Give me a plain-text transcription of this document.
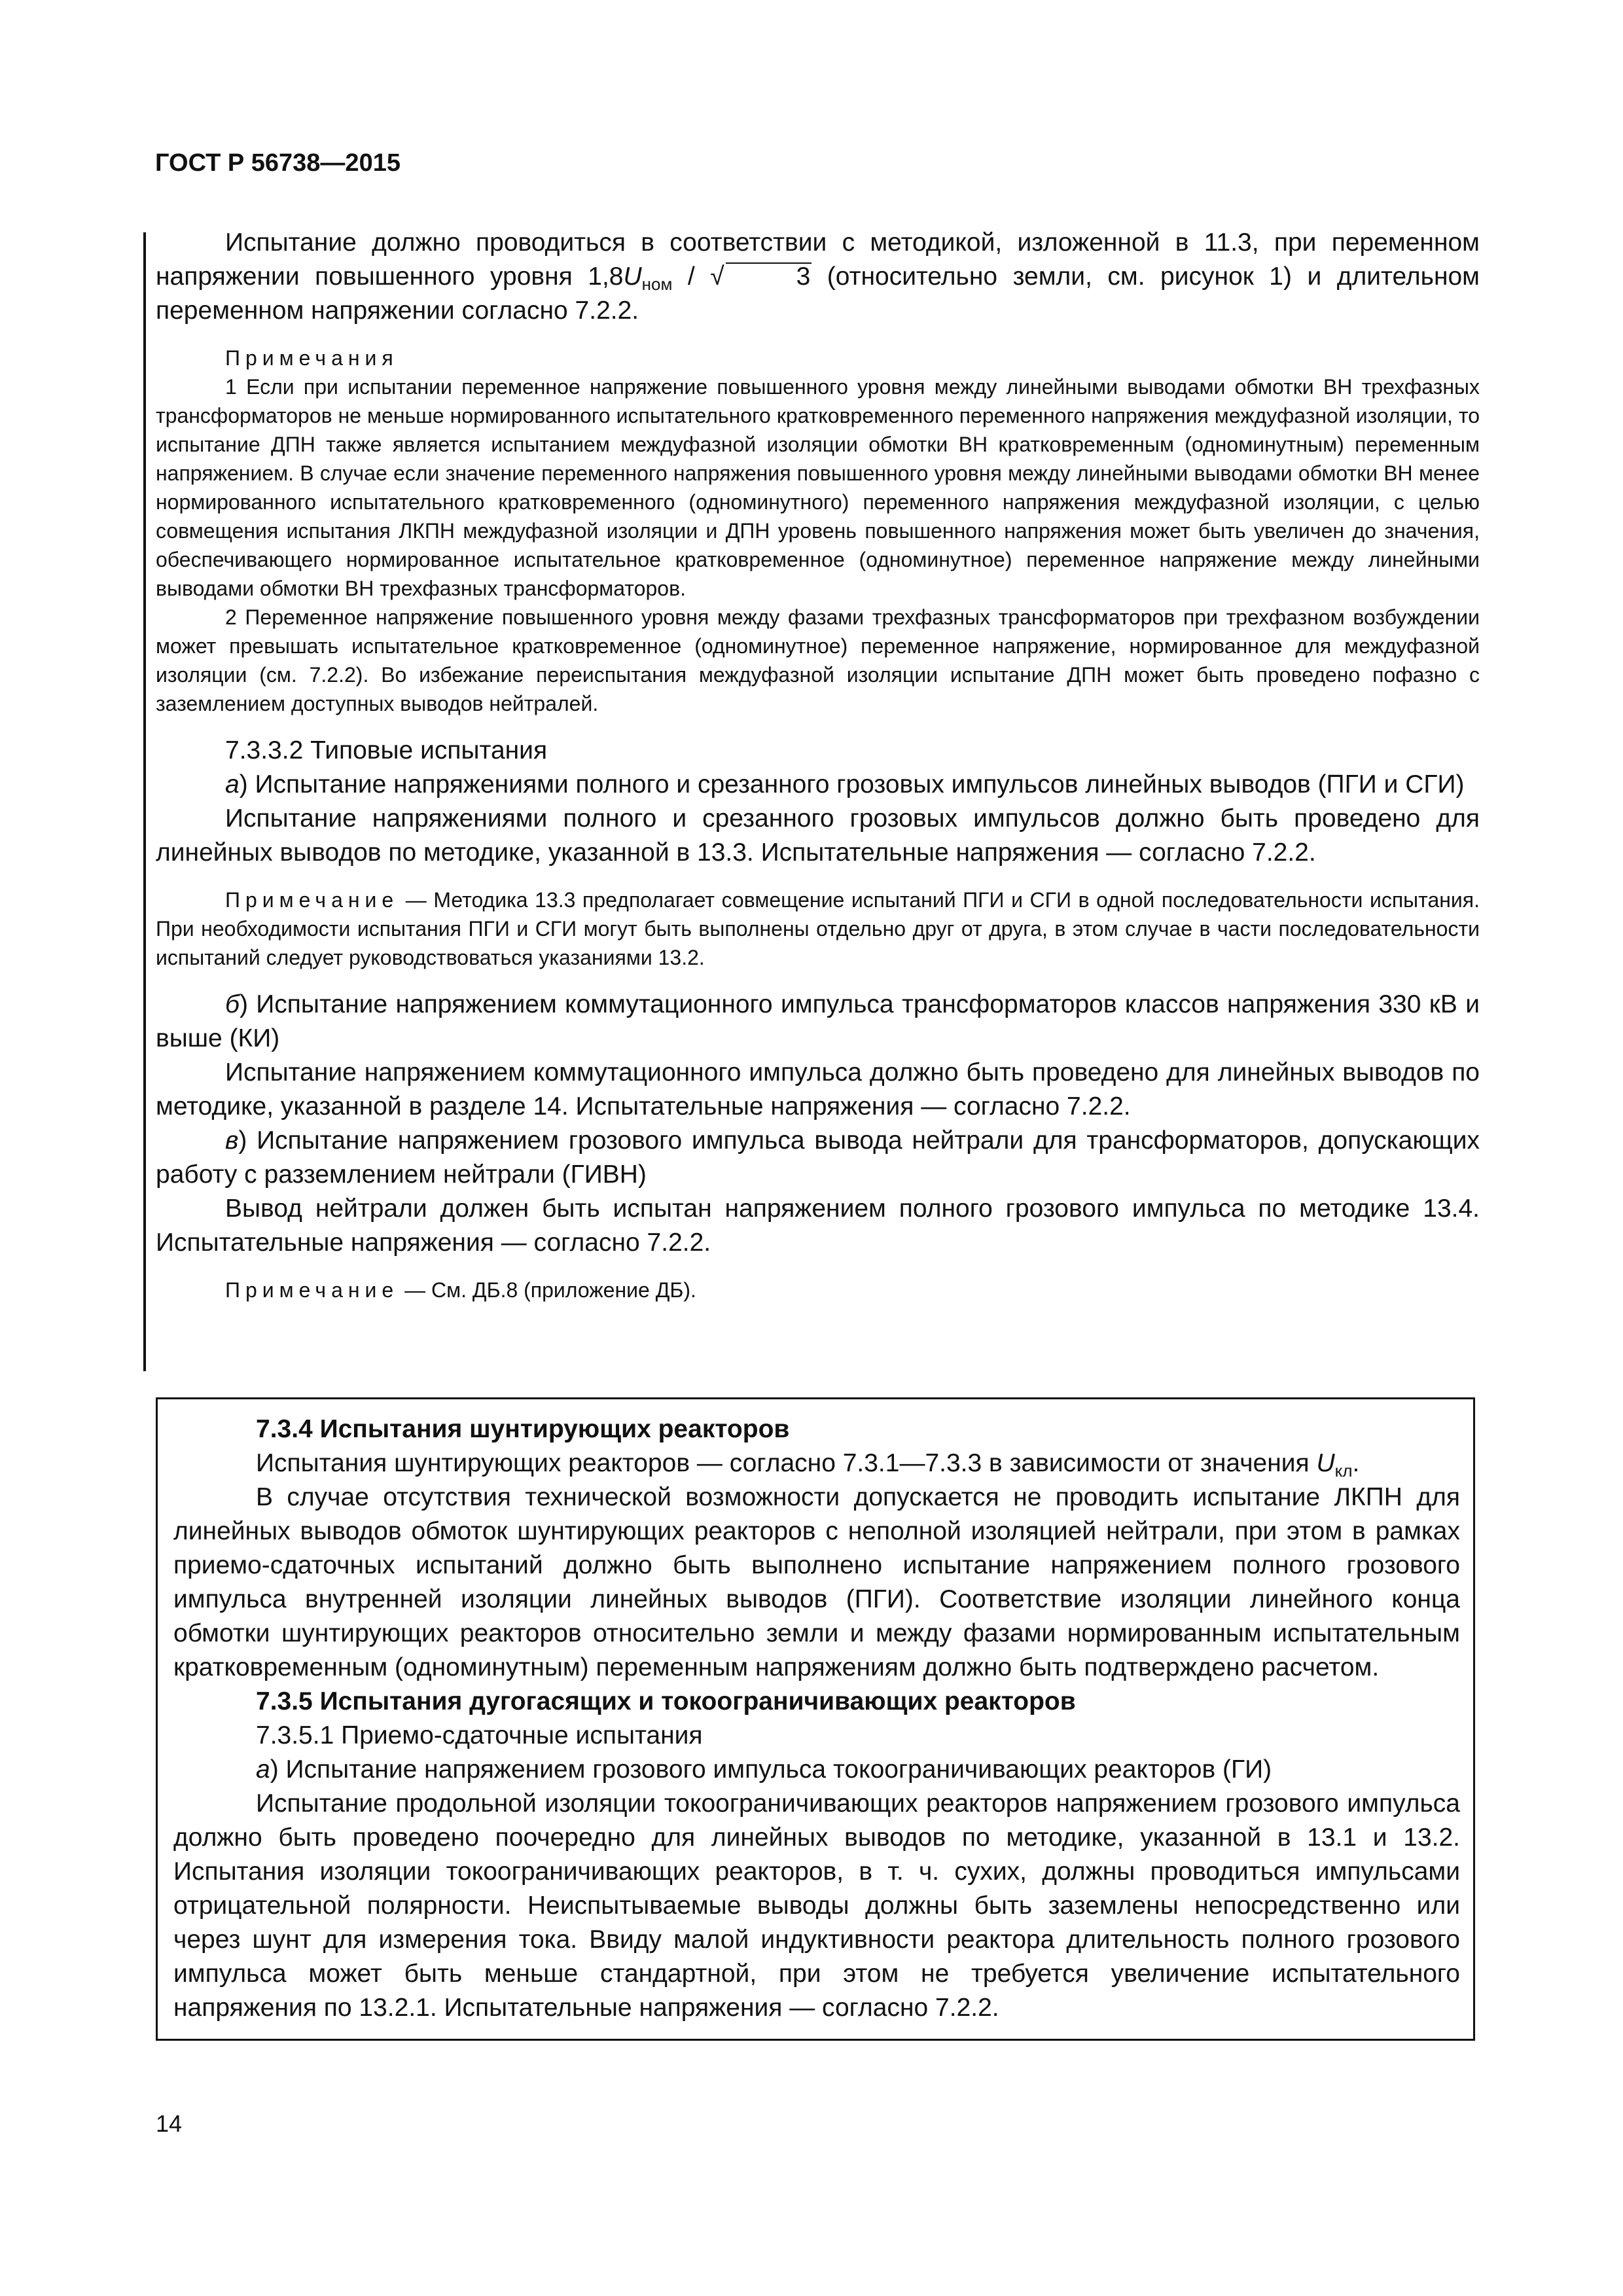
ГОСТ Р 56738—2015

Испытание должно проводиться в соответствии с методикой, изложенной в 11.3, при переменном напряжении повышенного уровня $1,8U_{ном}$ / √	3 (относительно земли, см. рисунок 1) и длительном переменном напряжении согласно 7.2.2.

Примечания

1 Если при испытании переменное напряжение повышенного уровня между линейными выводами обмотки ВН трехфазных трансформаторов не меньше нормированного испытательного кратковременного переменного напряжения междуфазной изоляции, то испытание ДПН также является испытанием междуфазной изоляции обмотки ВН кратковременным (одноминутным) переменным напряжением. В случае если значение переменного напряжения повышенного уровня между линейными выводами обмотки ВН менее нормированного испытательного кратковременного (одноминутного) переменного напряжения междуфазной изоляции, с целью совмещения испытания ЛКПН междуфазной изоляции и ДПН уровень повышенного напряжения может быть увеличен до значения, обеспечивающего нормированное испытательное кратковременное (одноминутное) переменное напряжение между линейными выводами обмотки ВН трехфазных трансформаторов.

2 Переменное напряжение повышенного уровня между фазами трехфазных трансформаторов при трехфазном возбуждении может превышать испытательное кратковременное (одноминутное) переменное напряжение, нормированное для междуфазной изоляции (см. 7.2.2). Во избежание переиспытания междуфазной изоляции испытание ДПН может быть проведено пофазно с заземлением доступных выводов нейтралей.

7.3.3.2 Типовые испытания

а) Испытание напряжениями полного и срезанного грозовых импульсов линейных выводов (ПГИ и СГИ)

Испытание напряжениями полного и срезанного грозовых импульсов должно быть проведено для линейных выводов по методике, указанной в 13.3. Испытательные напряжения — согласно 7.2.2.

Примечание — Методика 13.3 предполагает совмещение испытаний ПГИ и СГИ в одной последовательности испытания. При необходимости испытания ПГИ и СГИ могут быть выполнены отдельно друг от друга, в этом случае в части последовательности испытаний следует руководствоваться указаниями 13.2.

б) Испытание напряжением коммутационного импульса трансформаторов классов напряжения 330 кВ и выше (КИ)

Испытание напряжением коммутационного импульса должно быть проведено для линейных выводов по методике, указанной в разделе 14. Испытательные напряжения — согласно 7.2.2.

в) Испытание напряжением грозового импульса вывода нейтрали для трансформаторов, допускающих работу с разземлением нейтрали (ГИВН)

Вывод нейтрали должен быть испытан напряжением полного грозового импульса по методике 13.4. Испытательные напряжения — согласно 7.2.2.

Примечание — См. ДБ.8 (приложение ДБ).

7.3.4 Испытания шунтирующих реакторов

Испытания шунтирующих реакторов — согласно 7.3.1—7.3.3 в зависимости от значения $U_{кл}$.

В случае отсутствия технической возможности допускается не проводить испытание ЛКПН для линейных выводов обмоток шунтирующих реакторов с неполной изоляцией нейтрали, при этом в рамках приемо-сдаточных испытаний должно быть выполнено испытание напряжением полного грозового импульса внутренней изоляции линейных выводов (ПГИ). Соответствие изоляции линейного конца обмотки шунтирующих реакторов относительно земли и между фазами нормированным испытательным кратковременным (одноминутным) переменным напряжениям должно быть подтверждено расчетом.

7.3.5 Испытания дугогасящих и токоограничивающих реакторов

7.3.5.1 Приемо-сдаточные испытания

а) Испытание напряжением грозового импульса токоограничивающих реакторов (ГИ)

Испытание продольной изоляции токоограничивающих реакторов напряжением грозового импульса должно быть проведено поочередно для линейных выводов по методике, указанной в 13.1 и 13.2. Испытания изоляции токоограничивающих реакторов, в т. ч. сухих, должны проводиться импульсами отрицательной полярности. Неиспытываемые выводы должны быть заземлены непосредственно или через шунт для измерения тока. Ввиду малой индуктивности реактора длительность полного грозового импульса может быть меньше стандартной, при этом не требуется увеличение испытательного напряжения по 13.2.1. Испытательные напряжения — согласно 7.2.2.

14
